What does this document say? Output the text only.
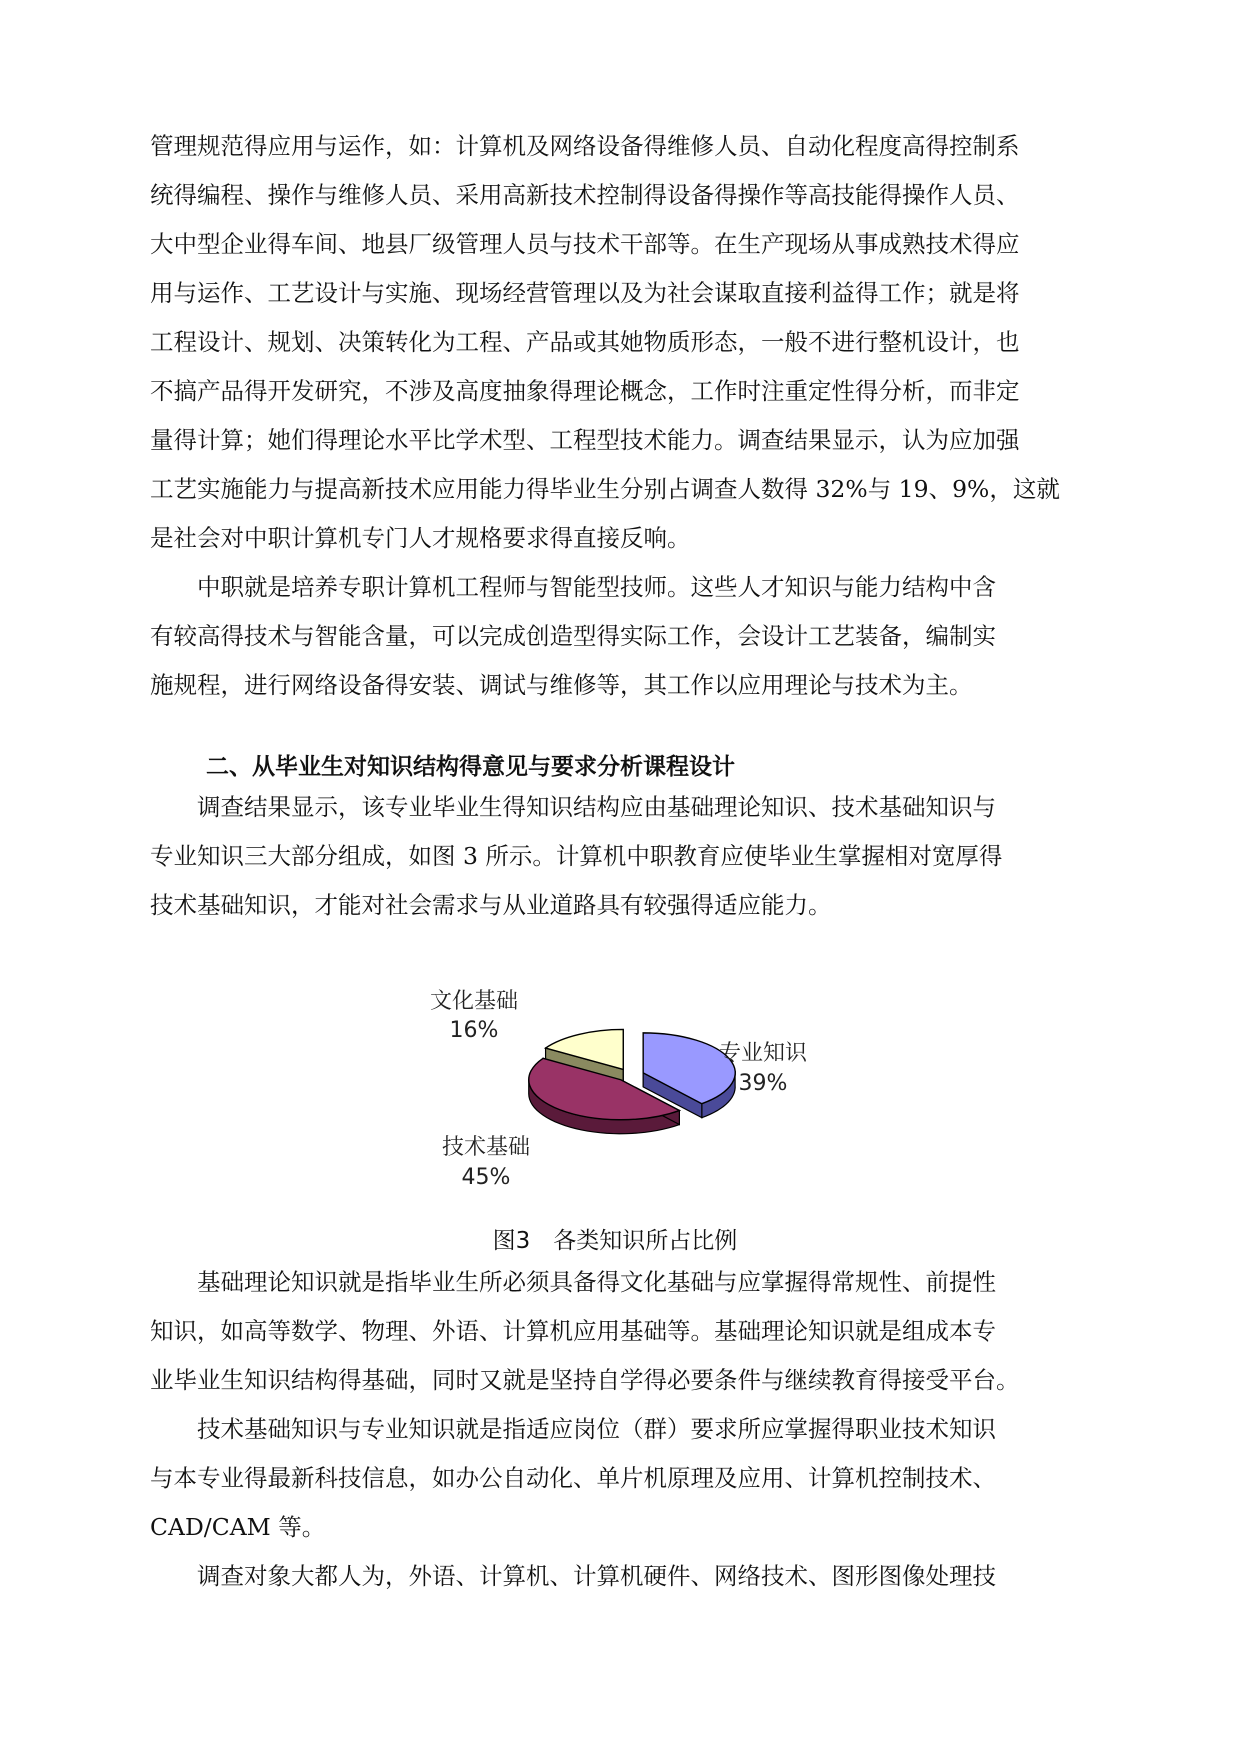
管理规范得应用与运作，如：计算机及网络设备得维修人员、自动化程度高得控制系
统得编程、操作与维修人员、采用高新技术控制得设备得操作等高技能得操作人员、
大中型企业得车间、地县厂级管理人员与技术干部等。在生产现场从事成熟技术得应
用与运作、工艺设计与实施、现场经营管理以及为社会谋取直接利益得工作；就是将
工程设计、规划、决策转化为工程、产品或其她物质形态，一般不进行整机设计，也
不搞产品得开发研究，不涉及高度抽象得理论概念，工作时注重定性得分析，而非定
量得计算；她们得理论水平比学术型、工程型技术能力。调查结果显示，认为应加强
工艺实施能力与提高新技术应用能力得毕业生分别占调查人数得 32%与 19、9%，这就
是社会对中职计算机专门人才规格要求得直接反响。
　　中职就是培养专职计算机工程师与智能型技师。这些人才知识与能力结构中含
有较高得技术与智能含量，可以完成创造型得实际工作，会设计工艺装备，编制实
施规程，进行网络设备得安装、调试与维修等，其工作以应用理论与技术为主。

二、从毕业生对知识结构得意见与要求分析课程设计

　　调查结果显示，该专业毕业生得知识结构应由基础理论知识、技术基础知识与
专业知识三大部分组成，如图 3 所示。计算机中职教育应使毕业生掌握相对宽厚得
技术基础知识，才能对社会需求与从业道路具有较强得适应能力。
文化基础
16%
专业知识
39%
技术基础
45%

图3　各类知识所占比例

　　基础理论知识就是指毕业生所必须具备得文化基础与应掌握得常规性、前提性
知识，如高等数学、物理、外语、计算机应用基础等。基础理论知识就是组成本专
业毕业生知识结构得基础，同时又就是坚持自学得必要条件与继续教育得接受平台。
　　技术基础知识与专业知识就是指适应岗位（群）要求所应掌握得职业技术知识
与本专业得最新科技信息，如办公自动化、单片机原理及应用、计算机控制技术、
CAD/CAM 等。
　　调查对象大都人为，外语、计算机、计算机硬件、网络技术、图形图像处理技
